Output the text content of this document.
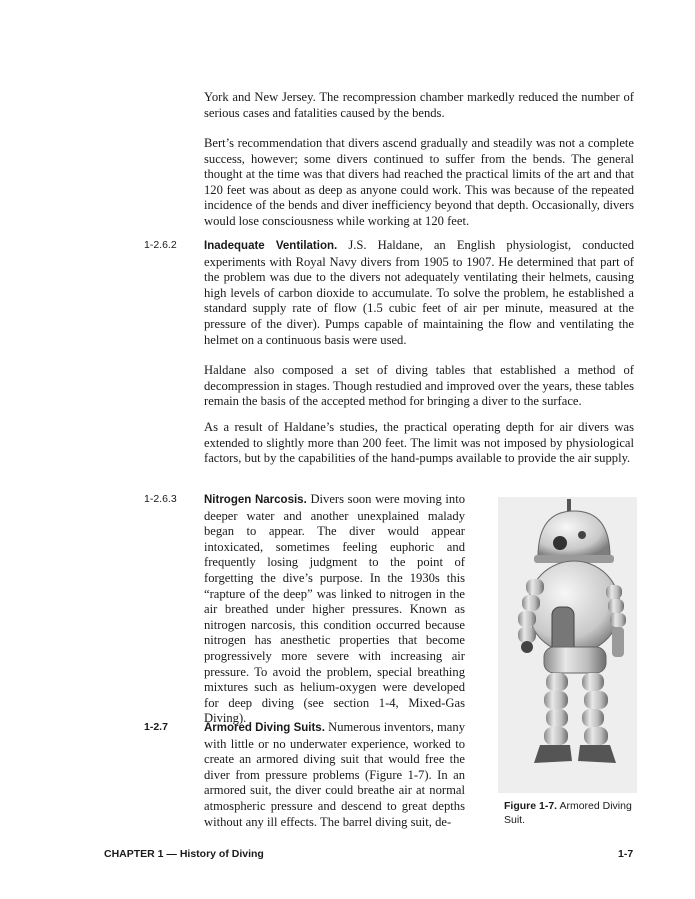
York and New Jersey. The recompression chamber markedly reduced the number of serious cases and fatalities caused by the bends.

Bert’s recommendation that divers ascend gradually and steadily was not a complete success, however; some divers continued to suffer from the bends. The general thought at the time was that divers had reached the practical limits of the art and that 120 feet was about as deep as anyone could work. This was because of the repeated incidence of the bends and diver inefficiency beyond that depth. Occasionally, divers would lose consciousness while working at 120 feet.

1-2.6.2 Inadequate Ventilation. J.S. Haldane, an English physiologist, conducted experiments with Royal Navy divers from 1905 to 1907. He determined that part of the problem was due to the divers not adequately ventilating their helmets, causing high levels of carbon dioxide to accumulate. To solve the problem, he established a standard supply rate of flow (1.5 cubic feet of air per minute, measured at the pressure of the diver). Pumps capable of maintaining the flow and ventilating the helmet on a continuous basis were used.

Haldane also composed a set of diving tables that established a method of decompression in stages. Though restudied and improved over the years, these tables remain the basis of the accepted method for bringing a diver to the surface.

As a result of Haldane’s studies, the practical operating depth for air divers was extended to slightly more than 200 feet. The limit was not imposed by physiological factors, but by the capabilities of the hand-pumps available to provide the air supply.

1-2.6.3 Nitrogen Narcosis. Divers soon were moving into deeper water and another unexplained malady began to appear. The diver would appear intoxicated, sometimes feeling euphoric and frequently losing judgment to the point of forgetting the dive’s purpose. In the 1930s this “rapture of the deep” was linked to nitrogen in the air breathed under higher pressures. Known as nitrogen narcosis, this condition occurred because nitrogen has anesthetic properties that become progressively more severe with increasing air pressure. To avoid the problem, special breathing mixtures such as helium-oxygen were developed for deep diving (see section 1-4, Mixed-Gas Diving).

1-2.7	Armored Diving Suits. Numerous inventors, many with little or no underwater experience, worked to create an armored diving suit that would free the diver from pressure problems (Figure 1-7). In an armored suit, the diver could breathe air at normal atmospheric pressure and descend to great depths without any ill effects. The barrel diving suit, de-

Figure 1-7. Armored Diving Suit.

CHAPTER 1 — History of Diving	1-7
